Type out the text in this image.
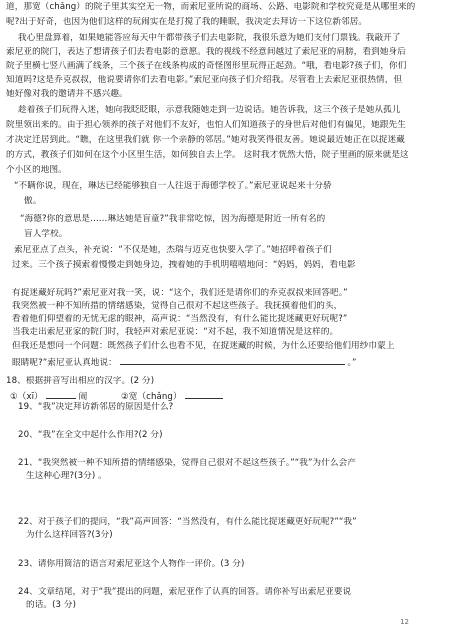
道，那宽（chǎng）的院子里其实空无一物，而索尼亚所说的商场、公路、电影院和学校究竟是从哪里来的
呢?出于好奇，也因为他们这样的玩闹实在是打搅了我的睡眠，我决定去拜访一下这位新邻居。
我心里盘算着，如果她能答应每天中午都带孩子们去电影院，我很乐意为她们支付门票钱。我敲开了
索尼亚的院门，表达了想请孩子们去看电影的意愿。我的视线不经意间越过了索尼亚的肩膀，看到她身后
院子里横七竖八画满了线条，三个孩子在线条构成的奇怪图形里玩得正起劲。“哦，看电影?孩子们，你们
知道吗?这是乔克叔叔，他说要请你们去看电影。”索尼亚向孩子们介绍我。尽管看上去索尼亚很热情，但
她好像对我的邀请并不感兴趣。
趁着孩子们玩得入迷，她向我眨眨眼，示意我随她走到一边说话。她告诉我，这三个孩子是她从孤儿
院里领出来的。由于担心领养的孩子对他们不友好，也怕人们知道孩子的身世后对他们有偏见，她跟先生
才决定迁居到此。“瞧，在这里我们就 你一个亲静的邻居。”她对我笑得很友善。她说最近她正在以捉迷藏
的方式，教孩子们如何在这个小区里生活，如何独自去上学。 这时我才恍然大悟，院子里画的原来就是这
个小区的地图。
“不瞒你说，现在，琳达已经能够独自一人往返于海德学校了。”索尼亚说起来十分骄
傲。
“海德?你的意思是……琳达她是盲童?”我非常吃惊，因为海德是附近一所有名的
盲人学校。
索尼亚点了点头，补充说：“不仅是她，杰瑞与迈克也快要入学了。”她招呼着孩子们
过来。三个孩子摸索着慢慢走到她身边，拽着她的手机明嘻嘻地问：“妈妈，妈妈，看电影
有捉迷藏好玩吗?”索尼亚对我一笑，说：“这个，我们还是请你们的乔克叔叔来回答吧。”
我突然被一种不知所措的情绪感染，觉得自己很对不起这些孩子。我抚摸着他们的头，
看着他们仰望着的无忧无虑的眼神，高声说：“当然没有，有什么能比捉迷藏更好玩呢?”
当我走出索尼亚家的院门时，我轻声对索尼亚说：“对不起，我不知道情况是这样的。
但我还是想问一个问题：既然孩子们什么也看不见，在捉迷藏的时候，为什么还要给他们用纱巾蒙上
眼睛呢?”索尼亚认真地说：	。”
18、根据拼音写出相应的汉字。(2 分)
①（xī）	闹	②宽（chǎng）
19、“我”决定拜访新邻居的原因是什么?
20、“我”在全文中起什么作用?(2 分)
21、“我突然被一种不知所措的情绪感染，觉得自己很对不起这些孩子。”“我”为什么会产
生这种心理?(3分) 。
22、对于孩子们的提问，“我”高声回答：“当然没有，有什么能比捉迷藏更好玩呢?”“我”
为什么这样回答?(3分)
23、请你用简洁的语言对索尼亚这个人物作一评价。(3 分)
24、文章结尾，对于“我”提出的问题，索尼亚作了认真的回答。请你补写出索尼亚要说
的话。(3 分)
12
